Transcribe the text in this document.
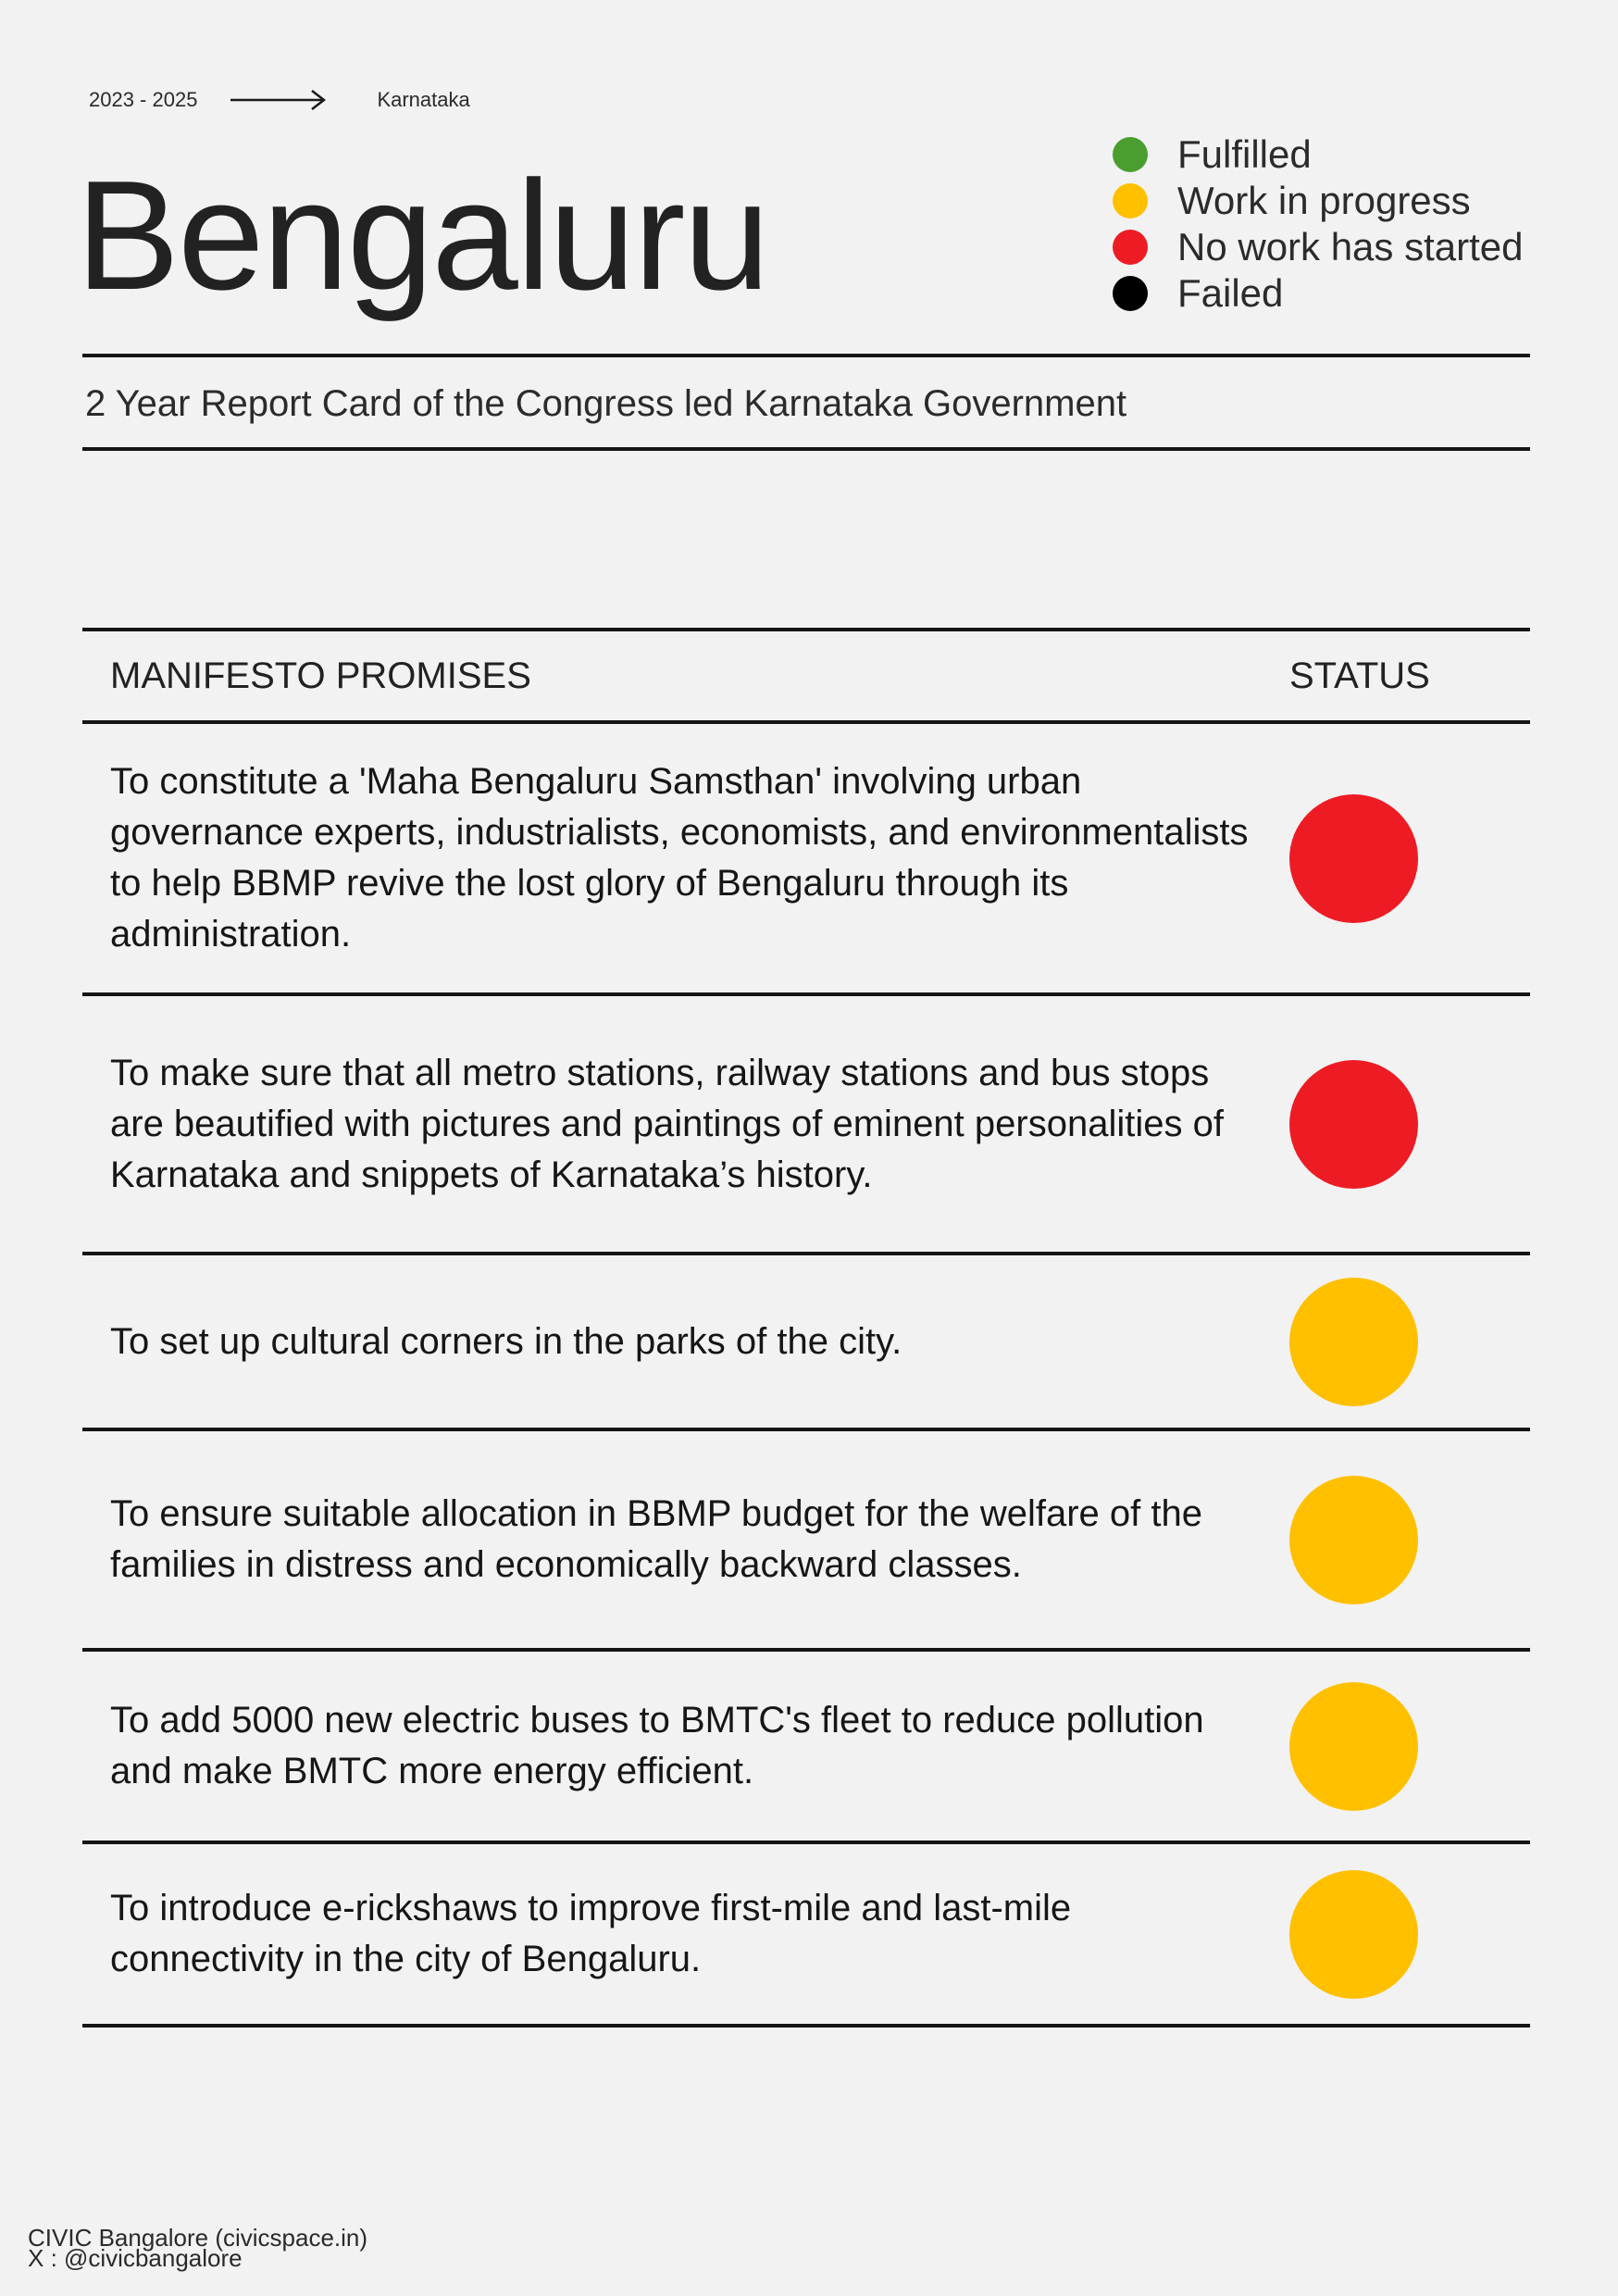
2023 - 2025	Karnataka
Bengaluru	Fulfilled
Work in progress
No work has started
Failed
2 Year Report Card of the Congress led Karnataka Government
MANIFESTO PROMISES	STATUS
To constitute a 'Maha Bengaluru Samsthan' involving urban governance experts, industrialists, economists, and environmentalists to help BBMP revive the lost glory of Bengaluru through its administration.
To make sure that all metro stations, railway stations and bus stops are beautified with pictures and paintings of eminent personalities of Karnataka and snippets of Karnataka’s history.
To set up cultural corners in the parks of the city.
To ensure suitable allocation in BBMP budget for the welfare of the families in distress and economically backward classes.
To add 5000 new electric buses to BMTC's fleet to reduce pollution and make BMTC more energy efficient.
To introduce e-rickshaws to improve first-mile and last-mile connectivity in the city of Bengaluru.
CIVIC Bangalore (civicspace.in)
X : @civicbangalore
